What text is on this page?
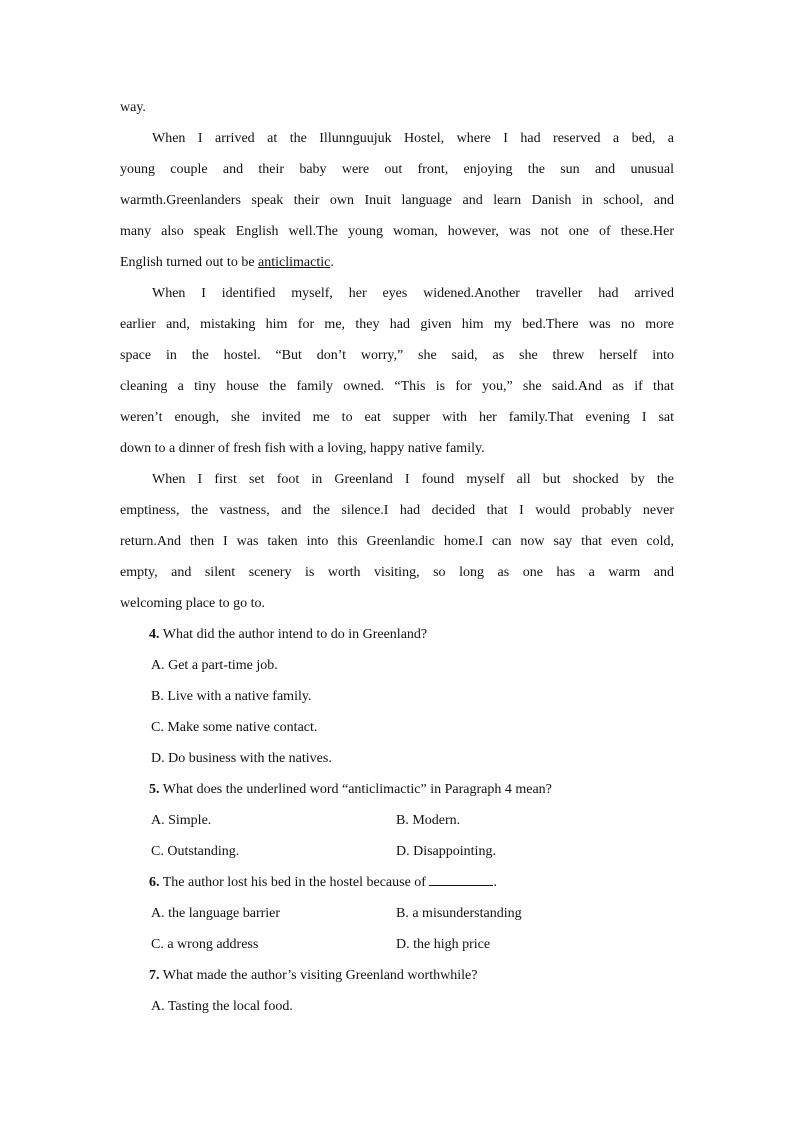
way.

When I arrived at the Illunnguujuk Hostel, where I had reserved a bed, a

young couple and their baby were out front, enjoying the sun and unusual

warmth.Greenlanders speak their own Inuit language and learn Danish in school, and

many also speak English well.The young woman, however, was not one of these.Her

English turned out to be anticlimactic.

When I identified myself, her eyes widened.Another traveller had arrived

earlier and, mistaking him for me, they had given him my bed.There was no more

space in the hostel. “But don’t worry,” she said, as she threw herself into

cleaning a tiny house the family owned. “This is for you,” she said.And as if that

weren’t enough, she invited me to eat supper with her family.That evening I sat

down to a dinner of fresh fish with a loving, happy native family.

When I first set foot in Greenland I found myself all but shocked by the

emptiness, the vastness, and the silence.I had decided that I would probably never

return.And then I was taken into this Greenlandic home.I can now say that even cold,

empty, and silent scenery is worth visiting, so long as one has a warm and

welcoming place to go to.

4. What did the author intend to do in Greenland?

A. Get a part-time job.

B. Live with a native family.

C. Make some native contact.

D. Do business with the natives.

5. What does the underlined word “anticlimactic” in Paragraph 4 mean?

A. Simple.	B. Modern.
C. Outstanding.	D. Disappointing.

6. The author lost his bed in the hostel because of	.

A. the language barrier	B. a misunderstanding
C. a wrong address	D. the high price

7. What made the author’s visiting Greenland worthwhile?

A. Tasting the local food.
